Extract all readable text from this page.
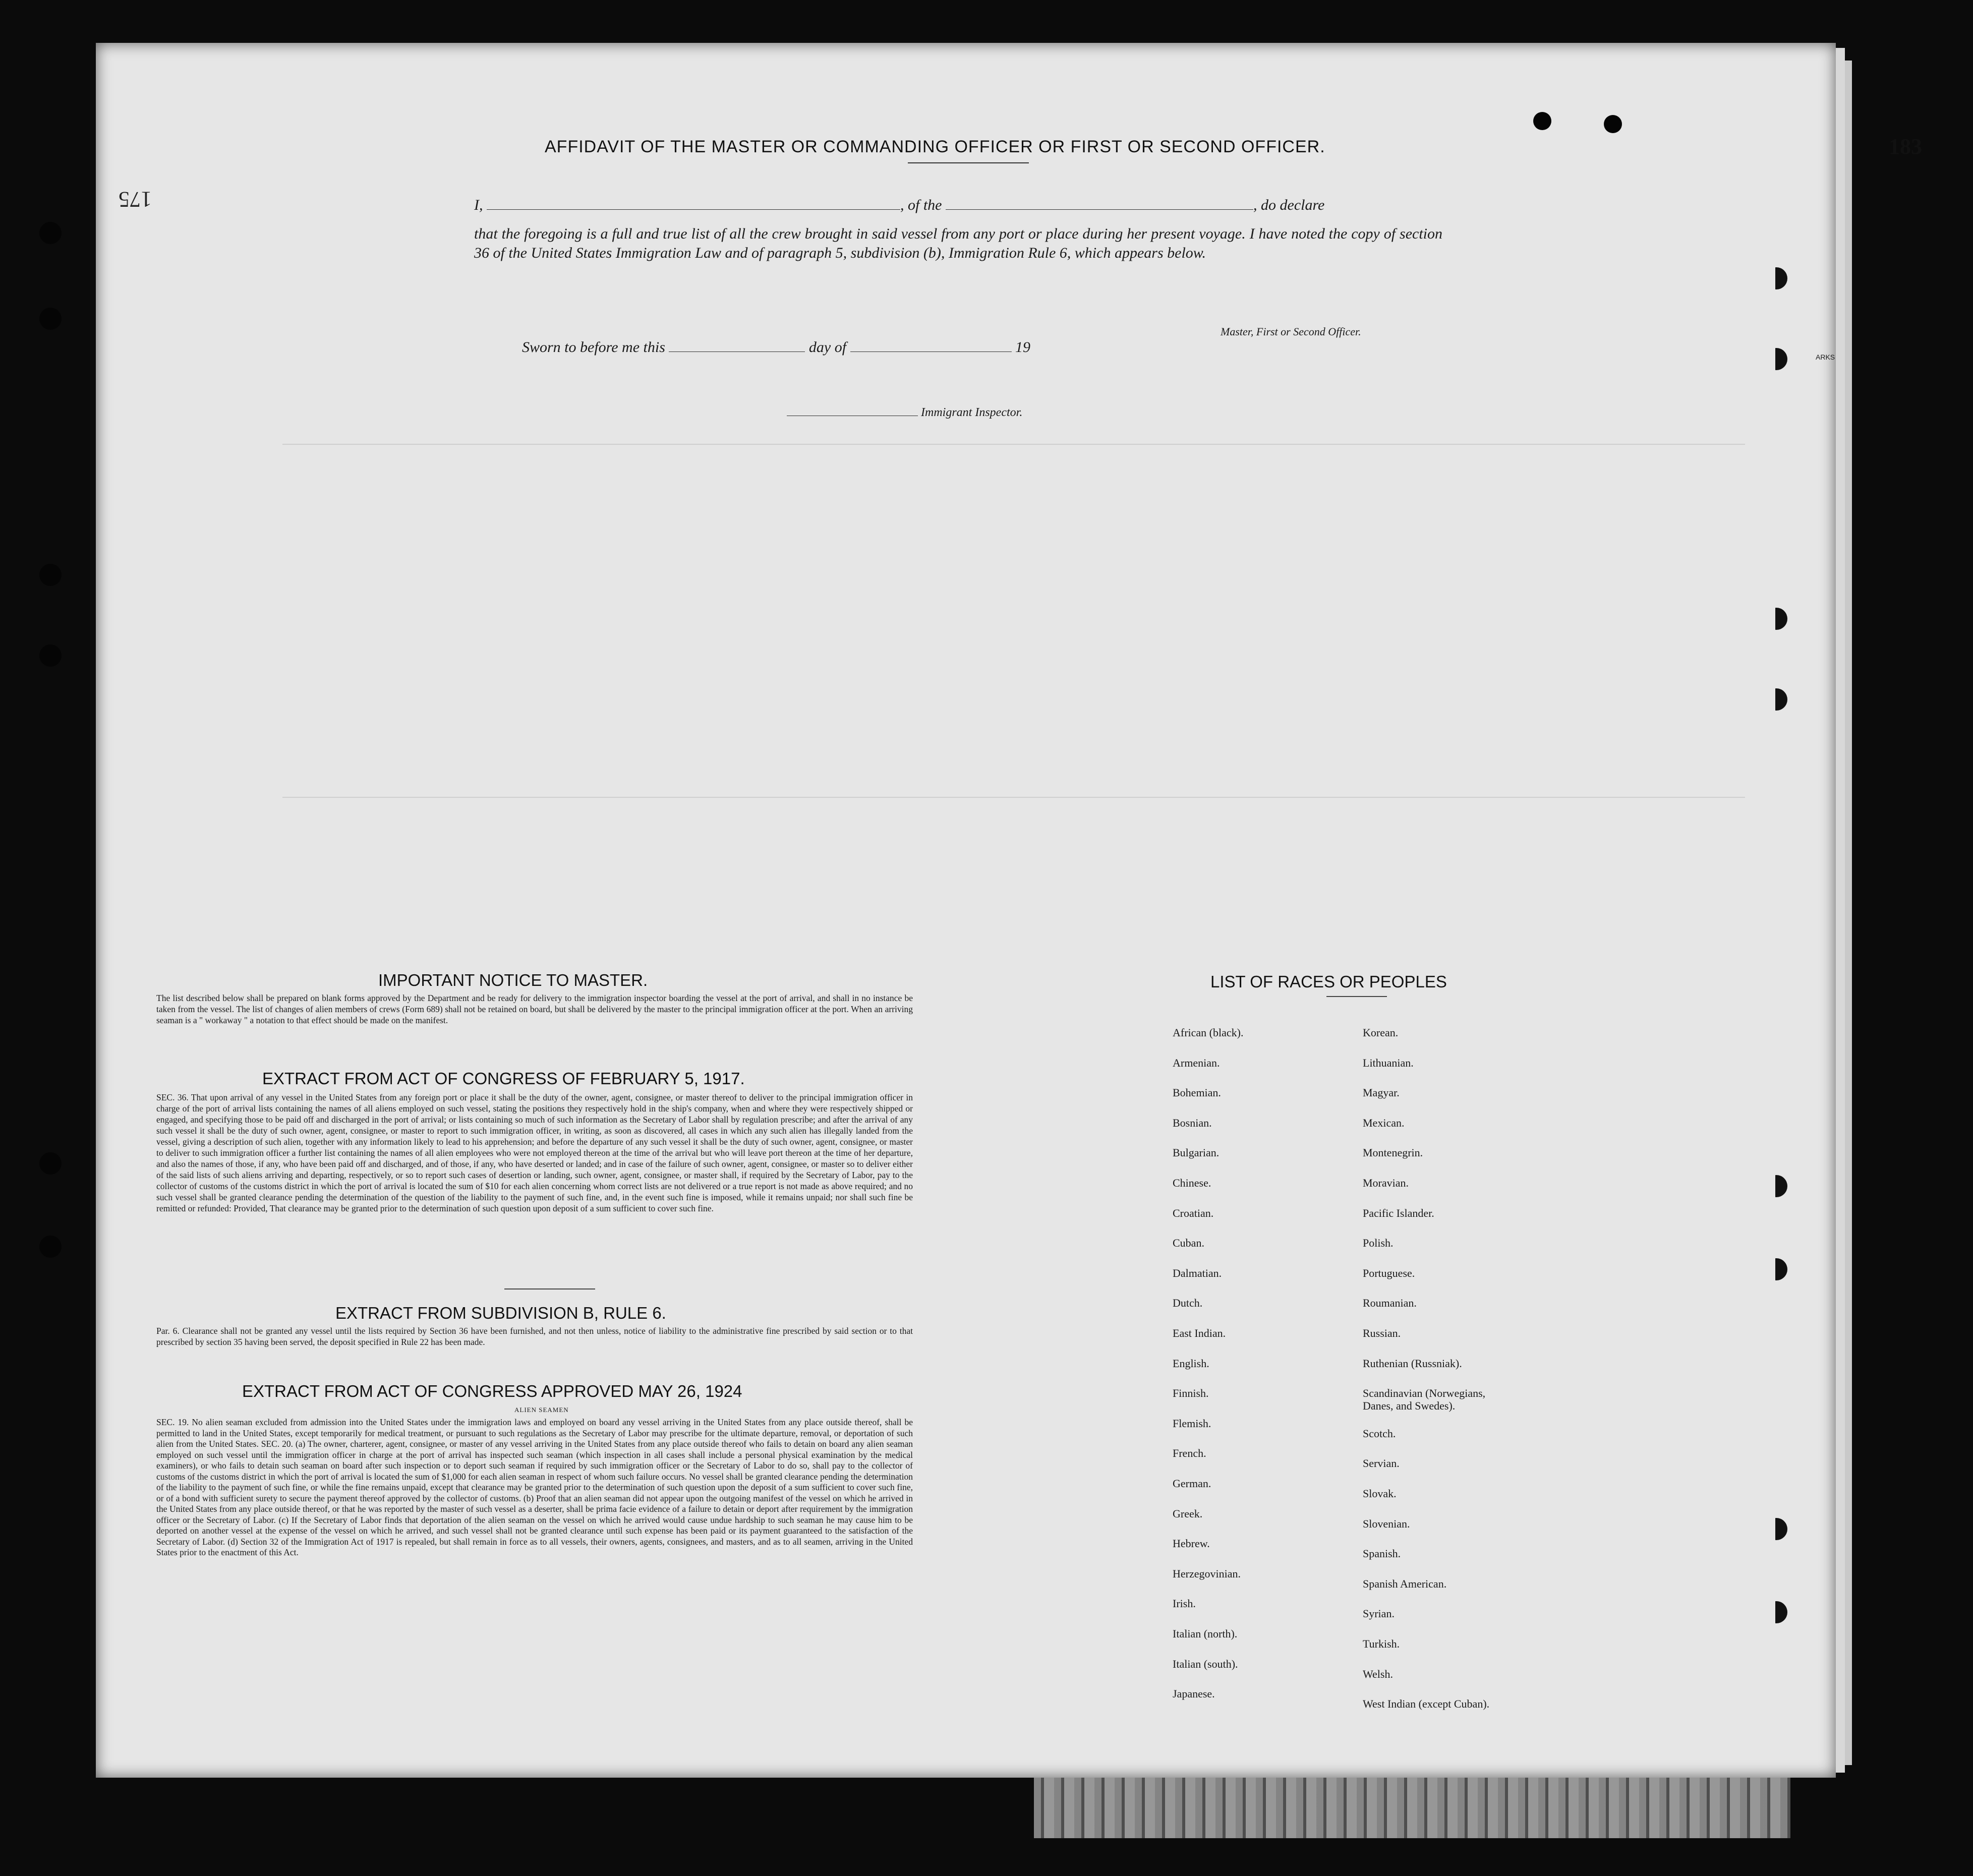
183
175
ARKS

AFFIDAVIT OF THE MASTER OR COMMANDING OFFICER OR FIRST OR SECOND OFFICER.
I,	, of the	, do declare
that the foregoing is a full and true list of all the crew brought in said vessel from any port or place during her present voyage. I have noted the copy of section 36 of the United States Immigration Law and of paragraph 5, subdivision (b), Immigration Rule 6, which appears below.
Master, First or Second Officer.
Sworn to before me this	day of	19
Immigrant Inspector.
IMPORTANT NOTICE TO MASTER.
The list described below shall be prepared on blank forms approved by the Department and be ready for delivery to the immigration inspector boarding the vessel at the port of arrival, and shall in no instance be taken from the vessel. The list of changes of alien members of crews (Form 689) shall not be retained on board, but shall be delivered by the master to the principal immigration officer at the port. When an arriving seaman is a " workaway " a notation to that effect should be made on the manifest.
EXTRACT FROM ACT OF CONGRESS OF FEBRUARY 5, 1917.
SEC. 36. That upon arrival of any vessel in the United States from any foreign port or place it shall be the duty of the owner, agent, consignee, or master thereof to deliver to the principal immigration officer in charge of the port of arrival lists containing the names of all aliens employed on such vessel, stating the positions they respectively hold in the ship's company, when and where they were respectively shipped or engaged, and specifying those to be paid off and discharged in the port of arrival; or lists containing so much of such information as the Secretary of Labor shall by regulation prescribe; and after the arrival of any such vessel it shall be the duty of such owner, agent, consignee, or master to report to such immigration officer, in writing, as soon as discovered, all cases in which any such alien has illegally landed from the vessel, giving a description of such alien, together with any information likely to lead to his apprehension; and before the departure of any such vessel it shall be the duty of such owner, agent, consignee, or master to deliver to such immigration officer a further list containing the names of all alien employees who were not employed thereon at the time of the arrival but who will leave port thereon at the time of her departure, and also the names of those, if any, who have been paid off and discharged, and of those, if any, who have deserted or landed; and in case of the failure of such owner, agent, consignee, or master so to deliver either of the said lists of such aliens arriving and departing, respectively, or so to report such cases of desertion or landing, such owner, agent, consignee, or master shall, if required by the Secretary of Labor, pay to the collector of customs of the customs district in which the port of arrival is located the sum of $10 for each alien concerning whom correct lists are not delivered or a true report is not made as above required; and no such vessel shall be granted clearance pending the determination of the question of the liability to the payment of such fine, and, in the event such fine is imposed, while it remains unpaid; nor shall such fine be remitted or refunded: Provided, That clearance may be granted prior to the determination of such question upon deposit of a sum sufficient to cover such fine.
EXTRACT FROM SUBDIVISION B, RULE 6.
Par. 6. Clearance shall not be granted any vessel until the lists required by Section 36 have been furnished, and not then unless, notice of liability to the administrative fine prescribed by said section or to that prescribed by section 35 having been served, the deposit specified in Rule 22 has been made.
EXTRACT FROM ACT OF CONGRESS APPROVED MAY 26, 1924
ALIEN SEAMEN
SEC. 19. No alien seaman excluded from admission into the United States under the immigration laws and employed on board any vessel arriving in the United States from any place outside thereof, shall be permitted to land in the United States, except temporarily for medical treatment, or pursuant to such regulations as the Secretary of Labor may prescribe for the ultimate departure, removal, or deportation of such alien from the United States. SEC. 20. (a) The owner, charterer, agent, consignee, or master of any vessel arriving in the United States from any place outside thereof who fails to detain on board any alien seaman employed on such vessel until the immigration officer in charge at the port of arrival has inspected such seaman (which inspection in all cases shall include a personal physical examination by the medical examiners), or who fails to detain such seaman on board after such inspection or to deport such seaman if required by such immigration officer or the Secretary of Labor to do so, shall pay to the collector of customs of the customs district in which the port of arrival is located the sum of $1,000 for each alien seaman in respect of whom such failure occurs. No vessel shall be granted clearance pending the determination of the liability to the payment of such fine, or while the fine remains unpaid, except that clearance may be granted prior to the determination of such question upon the deposit of a sum sufficient to cover such fine, or of a bond with sufficient surety to secure the payment thereof approved by the collector of customs. (b) Proof that an alien seaman did not appear upon the outgoing manifest of the vessel on which he arrived in the United States from any place outside thereof, or that he was reported by the master of such vessel as a deserter, shall be prima facie evidence of a failure to detain or deport after requirement by the immigration officer or the Secretary of Labor. (c) If the Secretary of Labor finds that deportation of the alien seaman on the vessel on which he arrived would cause undue hardship to such seaman he may cause him to be deported on another vessel at the expense of the vessel on which he arrived, and such vessel shall not be granted clearance until such expense has been paid or its payment guaranteed to the satisfaction of the Secretary of Labor. (d) Section 32 of the Immigration Act of 1917 is repealed, but shall remain in force as to all vessels, their owners, agents, consignees, and masters, and as to all seamen, arriving in the United States prior to the enactment of this Act.
LIST OF RACES OR PEOPLES
African (black).
Armenian.
Bohemian.
Bosnian.
Bulgarian.
Chinese.
Croatian.
Cuban.
Dalmatian.
Dutch.
East Indian.
English.
Finnish.
Flemish.
French.
German.
Greek.
Hebrew.
Herzegovinian.
Irish.
Italian (north).
Italian (south).
Japanese.
Korean.
Lithuanian.
Magyar.
Mexican.
Montenegrin.
Moravian.
Pacific Islander.
Polish.
Portuguese.
Roumanian.
Russian.
Ruthenian (Russniak).
Scandinavian (Norwegians,
Danes, and Swedes).
Scotch.
Servian.
Slovak.
Slovenian.
Spanish.
Spanish American.
Syrian.
Turkish.
Welsh.
West Indian (except Cuban).
